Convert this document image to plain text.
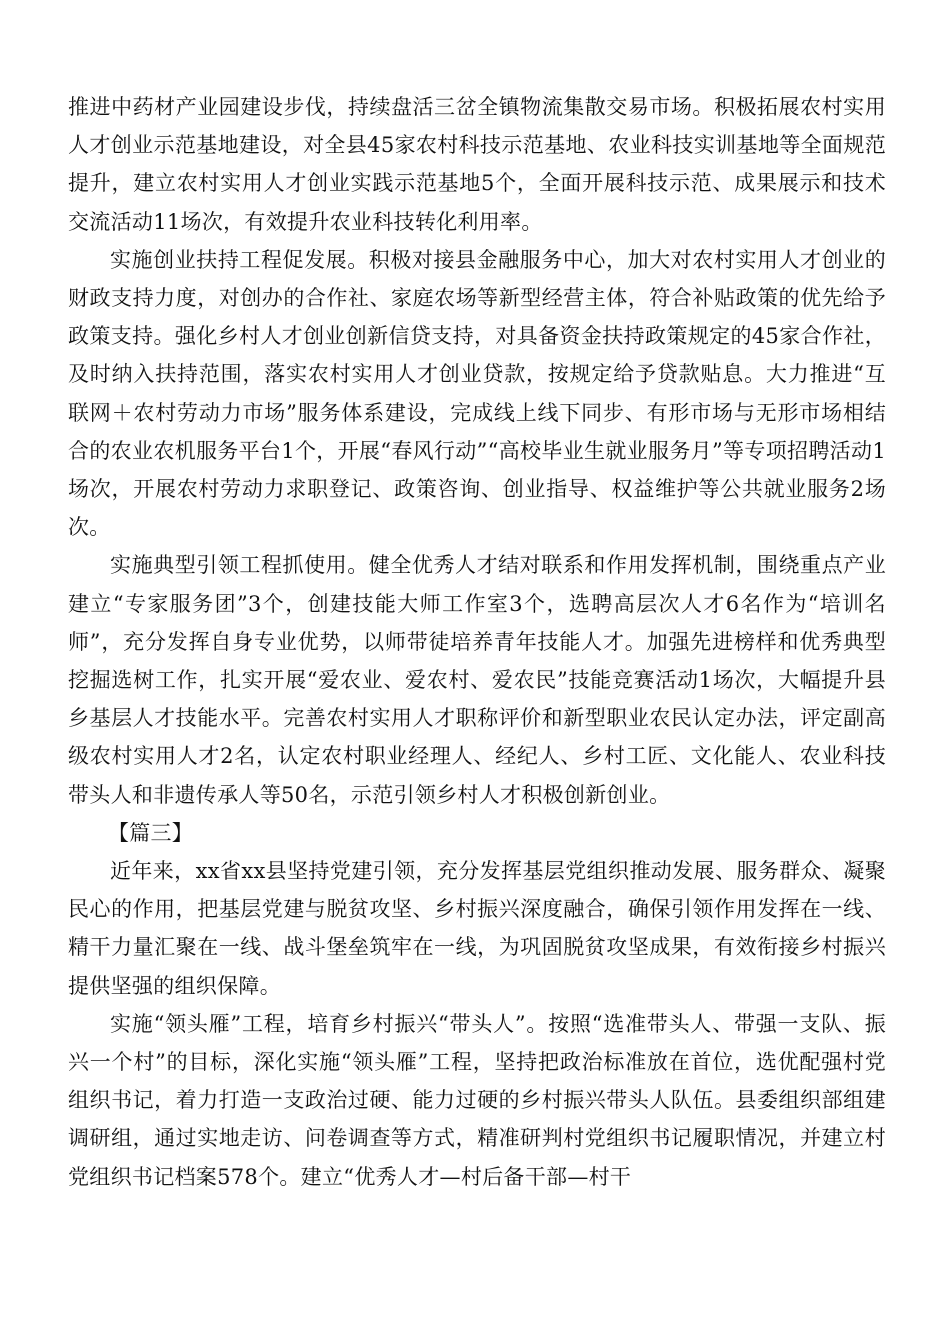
推进中药材产业园建设步伐，持续盘活三岔全镇物流集散交易市场。积极拓展农村实用人才创业示范基地建设，对全县45家农村科技示范基地、农业科技实训基地等全面规范提升，建立农村实用人才创业实践示范基地5个，全面开展科技示范、成果展示和技术交流活动11场次，有效提升农业科技转化利用率。

实施创业扶持工程促发展。积极对接县金融服务中心，加大对农村实用人才创业的财政支持力度，对创办的合作社、家庭农场等新型经营主体，符合补贴政策的优先给予政策支持。强化乡村人才创业创新信贷支持，对具备资金扶持政策规定的45家合作社，及时纳入扶持范围，落实农村实用人才创业贷款，按规定给予贷款贴息。大力推进“互联网＋农村劳动力市场”服务体系建设，完成线上线下同步、有形市场与无形市场相结合的农业农机服务平台1个，开展“春风行动”“高校毕业生就业服务月”等专项招聘活动1场次，开展农村劳动力求职登记、政策咨询、创业指导、权益维护等公共就业服务2场次。

实施典型引领工程抓使用。健全优秀人才结对联系和作用发挥机制，围绕重点产业建立“专家服务团”3个，创建技能大师工作室3个，选聘高层次人才6名作为“培训名师”，充分发挥自身专业优势，以师带徒培养青年技能人才。加强先进榜样和优秀典型挖掘选树工作，扎实开展“爱农业、爱农村、爱农民”技能竞赛活动1场次，大幅提升县乡基层人才技能水平。完善农村实用人才职称评价和新型职业农民认定办法，评定副高级农村实用人才2名，认定农村职业经理人、经纪人、乡村工匠、文化能人、农业科技带头人和非遗传承人等50名，示范引领乡村人才积极创新创业。

【篇三】

近年来，xx省xx县坚持党建引领，充分发挥基层党组织推动发展、服务群众、凝聚民心的作用，把基层党建与脱贫攻坚、乡村振兴深度融合，确保引领作用发挥在一线、精干力量汇聚在一线、战斗堡垒筑牢在一线，为巩固脱贫攻坚成果，有效衔接乡村振兴提供坚强的组织保障。

实施“领头雁”工程，培育乡村振兴“带头人”。按照“选准带头人、带强一支队、振兴一个村”的目标，深化实施“领头雁”工程，坚持把政治标准放在首位，选优配强村党组织书记，着力打造一支政治过硬、能力过硬的乡村振兴带头人队伍。县委组织部组建调研组，通过实地走访、问卷调查等方式，精准研判村党组织书记履职情况，并建立村党组织书记档案578个。建立“优秀人才—村后备干部—村干
